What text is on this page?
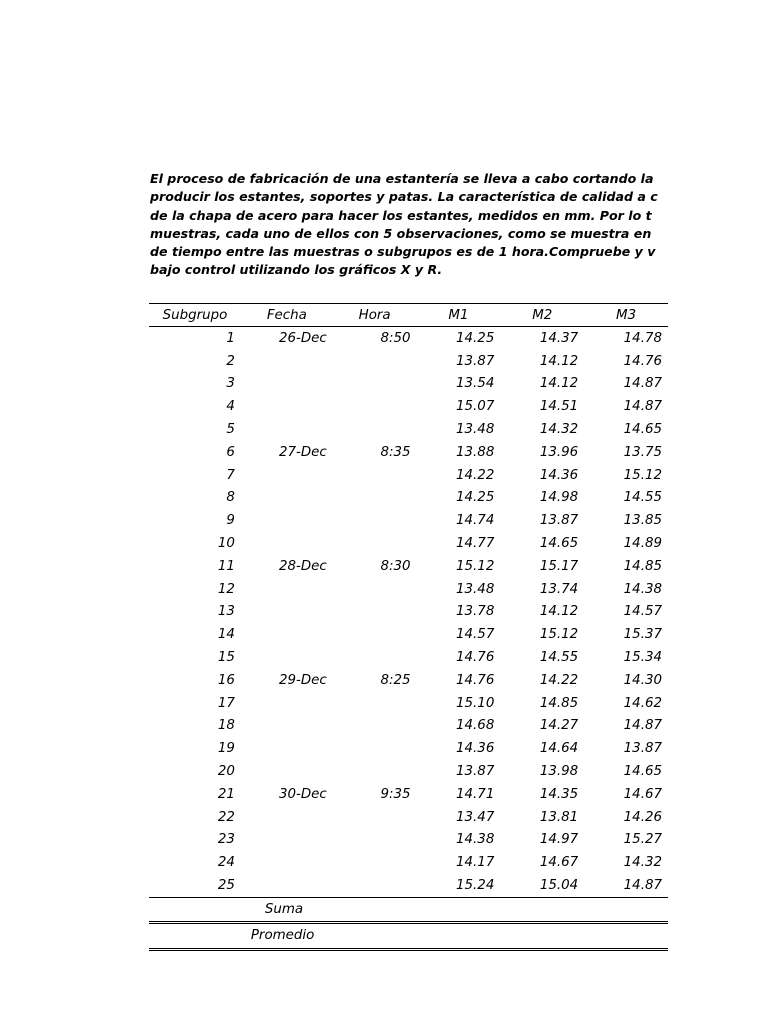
El proceso de fabricación de una estantería se lleva a cabo cortando la
producir los estantes, soportes y patas. La característica de calidad a c
de la chapa de acero para hacer los estantes, medidos en mm. Por lo t
muestras, cada uno de ellos con 5 observaciones, como se muestra en
de tiempo entre las muestras o subgrupos es de 1 hora.Compruebe y v
bajo control utilizando los gráficos X y R.
Subgrupo	Fecha	Hora	M1	M2	M3
1	26-Dec	8:50	14.25	14.37	14.78
2			13.87	14.12	14.76
3			13.54	14.12	14.87
4			15.07	14.51	14.87
5			13.48	14.32	14.65
6	27-Dec	8:35	13.88	13.96	13.75
7			14.22	14.36	15.12
8			14.25	14.98	14.55
9			14.74	13.87	13.85
10			14.77	14.65	14.89
11	28-Dec	8:30	15.12	15.17	14.85
12			13.48	13.74	14.38
13			13.78	14.12	14.57
14			14.57	15.12	15.37
15			14.76	14.55	15.34
16	29-Dec	8:25	14.76	14.22	14.30
17			15.10	14.85	14.62
18			14.68	14.27	14.87
19			14.36	14.64	13.87
20			13.87	13.98	14.65
21	30-Dec	9:35	14.71	14.35	14.67
22			13.47	13.81	14.26
23			14.38	14.97	15.27
24			14.17	14.67	14.32
25			15.24	15.04	14.87
	Suma				
	Promedio				
